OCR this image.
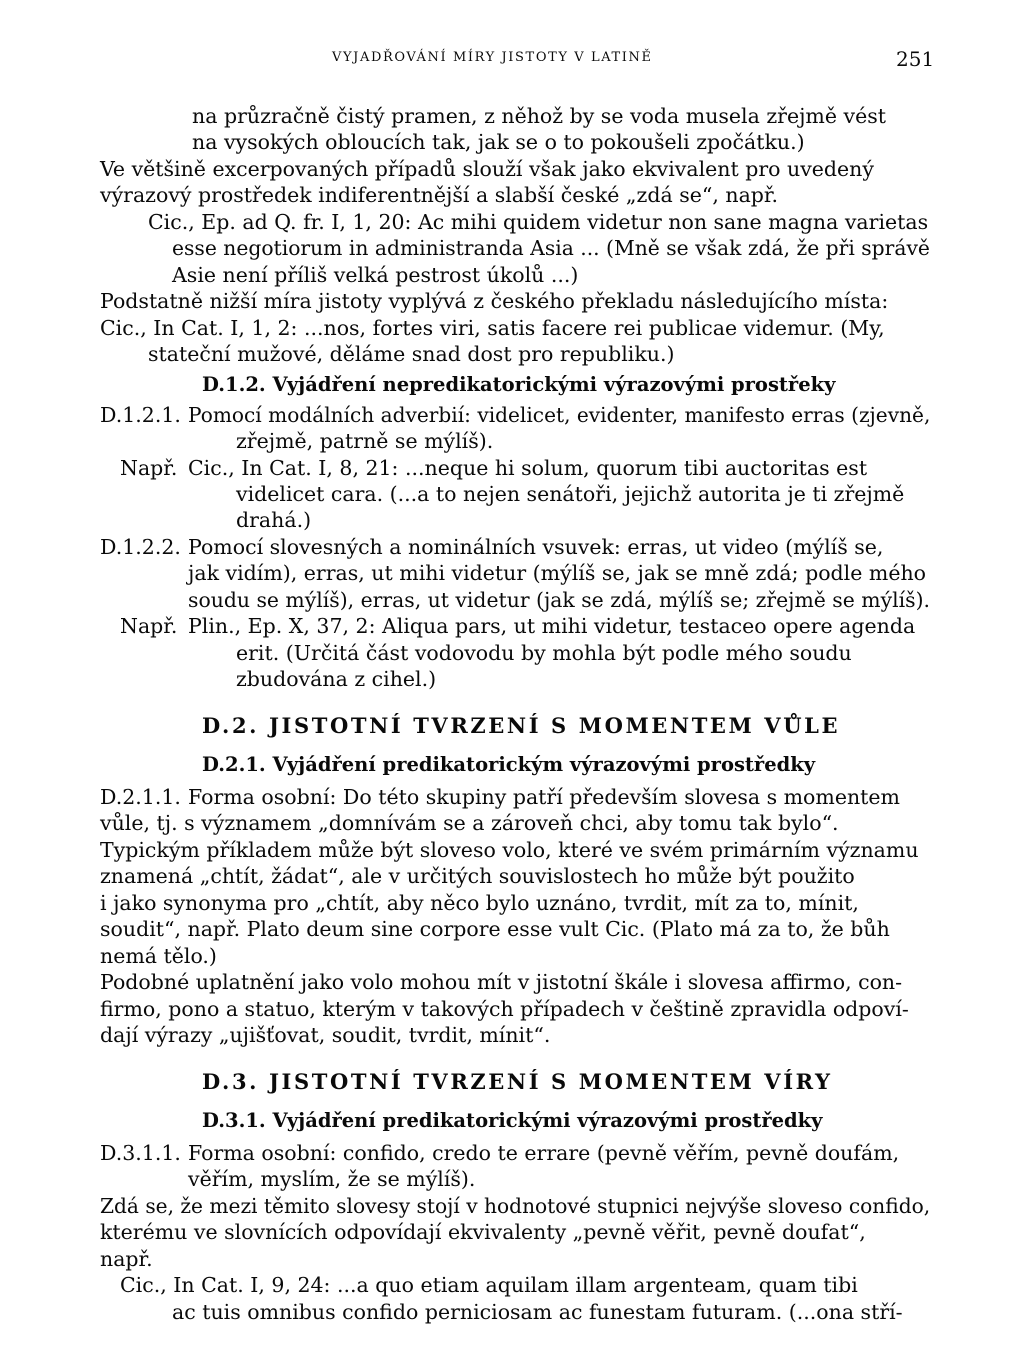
VYJADŘOVÁNÍ MÍRY JISTOTY V LATINĚ	251
na průzračně čistý pramen, z něhož by se voda musela zřejmě vést
na vysokých obloucích tak, jak se o to pokoušeli zpočátku.)
Ve většině excerpovaných případů slouží však jako ekvivalent pro uvedený
výrazový prostředek indiferentnější a slabší české „zdá se“, např.
Cic., Ep. ad Q. fr. I, 1, 20: Ac mihi quidem videtur non sane magna varietas
esse negotiorum in administranda Asia ... (Mně se však zdá, že při správě
Asie není příliš velká pestrost úkolů ...)
Podstatně nižší míra jistoty vyplývá z českého překladu následujícího místa:
Cic., In Cat. I, 1, 2: ...nos, fortes viri, satis facere rei publicae videmur. (My,
stateční mužové, děláme snad dost pro republiku.)
D.1.2. Vyjádření nepredikatorickými výrazovými prostřeky
D.1.2.1. Pomocí modálních adverbií: videlicet, evidenter, manifesto erras (zjevně,
zřejmě, patrně se mýlíš).
Např. Cic., In Cat. I, 8, 21: ...neque hi solum, quorum tibi auctoritas est
videlicet cara. (...a to nejen senátoři, jejichž autorita je ti zřejmě
drahá.)
D.1.2.2. Pomocí slovesných a nominálních vsuvek: erras, ut video (mýlíš se,
jak vidím), erras, ut mihi videtur (mýlíš se, jak se mně zdá; podle mého
soudu se mýlíš), erras, ut videtur (jak se zdá, mýlíš se; zřejmě se mýlíš).
Např. Plin., Ep. X, 37, 2: Aliqua pars, ut mihi videtur, testaceo opere agenda
erit. (Určitá část vodovodu by mohla být podle mého soudu
zbudována z cihel.)
D.2. JISTOTNÍ TVRZENÍ S MOMENTEM VŮLE
D.2.1. Vyjádření predikatorickým výrazovými prostředky
D.2.1.1. Forma osobní: Do této skupiny patří především slovesa s momentem
vůle, tj. s významem „domnívám se a zároveň chci, aby tomu tak bylo“.
Typickým příkladem může být sloveso volo, které ve svém primárním významu
znamená „chtít, žádat“, ale v určitých souvislostech ho může být použito
i jako synonyma pro „chtít, aby něco bylo uznáno, tvrdit, mít za to, mínit,
soudit“, např. Plato deum sine corpore esse vult Cic. (Plato má za to, že bůh
nemá tělo.)
Podobné uplatnění jako volo mohou mít v jistotní škále i slovesa affirmo, con-
firmo, pono a statuo, kterým v takových případech v češtině zpravidla odpoví-
dají výrazy „ujišťovat, soudit, tvrdit, mínit“.
D.3. JISTOTNÍ TVRZENÍ S MOMENTEM VÍRY
D.3.1. Vyjádření predikatorickými výrazovými prostředky
D.3.1.1. Forma osobní: confido, credo te errare (pevně věřím, pevně doufám,
věřím, myslím, že se mýlíš).
Zdá se, že mezi těmito slovesy stojí v hodnotové stupnici nejvýše sloveso confido,
kterému ve slovnících odpovídají ekvivalenty „pevně věřit, pevně doufat“,
např.
Cic., In Cat. I, 9, 24: ...a quo etiam aquilam illam argenteam, quam tibi
ac tuis omnibus confido perniciosam ac funestam futuram. (...ona stří-
